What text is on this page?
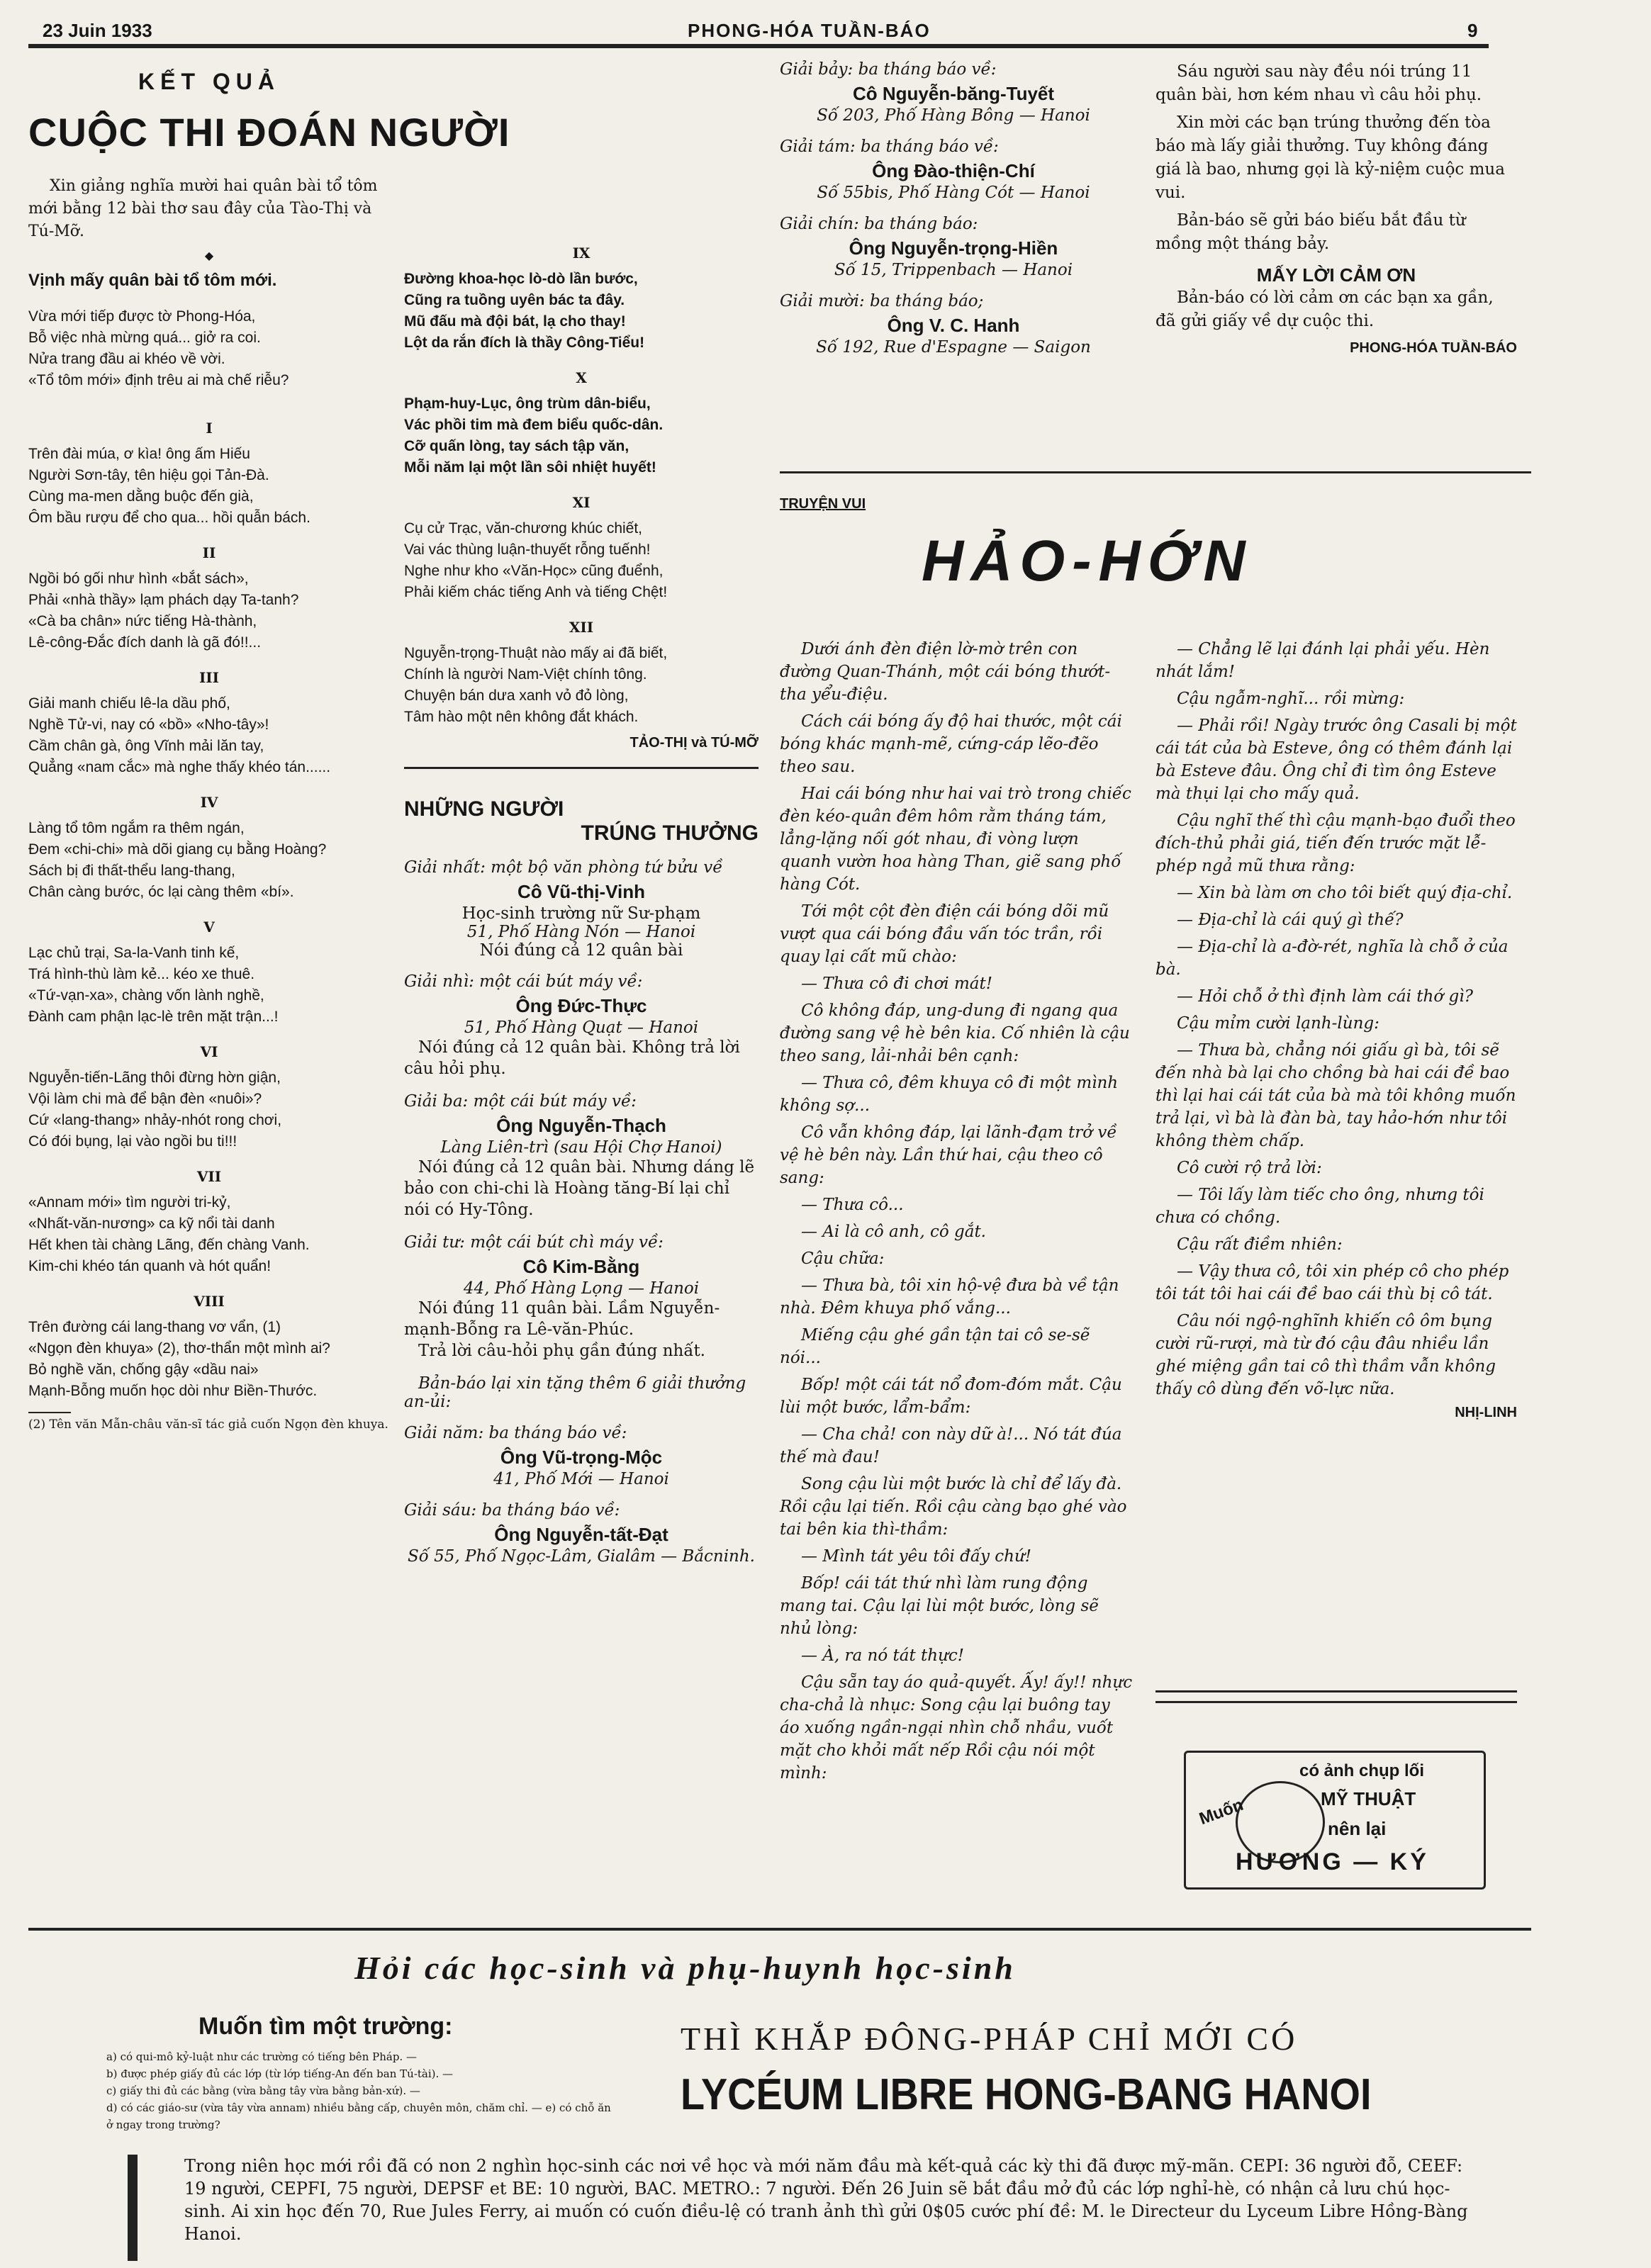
23 Juin 1933	PHONG-HÓA TUẦN-BÁO	9
KẾT QUẢ
CUỘC THI ĐOÁN NGƯỜI
Xin giảng nghĩa mười hai quân bài tổ tôm mới bằng 12 bài thơ sau đây của Tào-Thị và Tú-Mỡ.
◆
Vịnh mấy quân bài tổ tôm mới.
Vừa mới tiếp được tờ Phong-Hóa,
Bỗ việc nhà mừng quá... giở ra coi.
Nửa trang đầu ai khéo về vời.
«Tổ tôm mới» định trêu ai mà chế riễu?
I
Trên đài múa, ơ kìa! ông ấm Hiếu
Người Sơn-tây, tên hiệu gọi Tản-Đà.
Cùng ma-men dằng buộc đến già,
Ôm bầu rượu để cho qua... hồi quẫn bách.
II
Ngồi bó gối như hình «bắt sách»,
Phải «nhà thầy» lạm phách dạy Ta-tanh?
«Cà ba chân» nức tiếng Hà-thành,
Lê-công-Đắc đích danh là gã đó!!...
III
Giải manh chiếu lê-la dầu phố,
Nghề Tử-vi, nay có «bồ» «Nho-tây»!
Cầm chân gà, ông Vĩnh mải lăn tay,
Quẳng «nam cắc» mà nghe thấy khéo tán......
IV
Làng tổ tôm ngắm ra thêm ngán,
Đem «chi-chi» mà dõi giang cụ bằng Hoàng?
Sách bị đi thất-thểu lang-thang,
Chân càng bước, óc lại càng thêm «bí».
V
Lạc chủ trại, Sa-la-Vanh tinh kế,
Trá hình-thù làm kẻ... kéo xe thuê.
«Tứ-vạn-xa», chàng vốn lành nghề,
Đành cam phận lạc-lè trên mặt trận...!
VI
Nguyễn-tiến-Lãng thôi đừng hờn giận,
Vội làm chi mà để bận đèn «nuôi»?
Cứ «lang-thang» nhảy-nhót rong chơi,
Có đói bụng, lại vào ngồi bu ti!!!
VII
«Annam mới» tìm người tri-kỷ,
«Nhất-văn-nương» ca kỹ nổi tài danh
Hết khen tài chàng Lãng, đến chàng Vanh.
Kim-chi khéo tán quanh và hót quẩn!
VIII
Trên đường cái lang-thang vơ vẩn, (1)
«Ngọn đèn khuya» (2), thơ-thẩn một mình ai?
Bỏ nghề văn, chống gậy «dầu nai»
Mạnh-Bỗng muốn học dòi như Biền-Thước.
(2) Tên văn Mẫn-châu văn-sĩ tác giả cuốn Ngọn đèn khuya.
IX
Đường khoa-học lò-dò lần bước,
Cũng ra tuồng uyên bác ta đây.
Mũ đấu mà đội bát, lạ cho thay!
Lột da rắn đích là thầy Công-Tiểu!
X
Phạm-huy-Lục, ông trùm dân-biểu,
Vác phồi tim mà đem biểu quốc-dân.
Cỡ quấn lòng, tay sách tập văn,
Mỗi năm lại một lần sôi nhiệt huyết!
XI
Cụ cử Trạc, văn-chương khúc chiết,
Vai vác thùng luận-thuyết rỗng tuếnh!
Nghe như kho «Văn-Học» cũng đuểnh,
Phải kiếm chác tiếng Anh và tiếng Chệt!
XII
Nguyễn-trọng-Thuật nào mấy ai đã biết,
Chính là người Nam-Việt chính tông.
Chuyện bán dưa xanh vỏ đỏ lòng,
Tâm hào một nên không đắt khách.
TẢO-THỊ và TÚ-MỠ
NHỮNG NGƯỜI
TRÚNG THƯỞNG
Giải nhất: một bộ văn phòng tứ bửu về
Cô Vũ-thị-Vinh
Học-sinh trường nữ Sư-phạm
51, Phố Hàng Nón — Hanoi
Nói đúng cả 12 quân bài
Giải nhì: một cái bút máy về:
Ông Đức-Thực
51, Phố Hàng Quạt — Hanoi
Nói đúng cả 12 quân bài. Không trả lời câu hỏi phụ.
Giải ba: một cái bút máy về:
Ông Nguyễn-Thạch
Làng Liên-trì (sau Hội Chợ Hanoi)
Nói đúng cả 12 quân bài. Nhưng dáng lẽ bảo con chi-chi là Hoàng tăng-Bí lại chỉ nói có Hy-Tông.
Giải tư: một cái bút chì máy về:
Cô Kim-Bằng
44, Phố Hàng Lọng — Hanoi
Nói đúng 11 quân bài. Lầm Nguyễn-mạnh-Bỗng ra Lê-văn-Phúc.
Trả lời câu-hỏi phụ gần đúng nhất.
Bản-báo lại xin tặng thêm 6 giải thưởng an-ủi:
Giải năm: ba tháng báo về:
Ông Vũ-trọng-Mộc
41, Phố Mới — Hanoi
Giải sáu: ba tháng báo về:
Ông Nguyễn-tất-Đạt
Số 55, Phố Ngọc-Lâm, Gialâm — Bắcninh.
Giải bảy: ba tháng báo về:
Cô Nguyễn-băng-Tuyết
Số 203, Phố Hàng Bông — Hanoi
Giải tám: ba tháng báo về:
Ông Đào-thiện-Chí
Số 55bis, Phố Hàng Cót — Hanoi
Giải chín: ba tháng báo:
Ông Nguyễn-trọng-Hiền
Số 15, Trippenbach — Hanoi
Giải mười: ba tháng báo;
Ông V. C. Hanh
Số 192, Rue d'Espagne — Saigon
Sáu người sau này đều nói trúng 11 quân bài, hơn kém nhau vì câu hỏi phụ.
Xin mời các bạn trúng thưởng đến tòa báo mà lấy giải thưởng. Tuy không đáng giá là bao, nhưng gọi là kỷ-niệm cuộc mua vui.
Bản-báo sẽ gửi báo biếu bắt đầu từ mồng một tháng bảy.
MẤY LỜI CẢM ƠN
Bản-báo có lời cảm ơn các bạn xa gần, đã gửi giấy về dự cuộc thi.
PHONG-HÓA TUẦN-BÁO
TRUYỆN VUI
HẢO-HỚN

Dưới ánh đèn điện lờ-mờ trên con đường Quan-Thánh, một cái bóng thướt-tha yểu-điệu.

Cách cái bóng ấy độ hai thước, một cái bóng khác mạnh-mẽ, cứng-cáp lẽo-đẽo theo sau.

Hai cái bóng như hai vai trò trong chiếc đèn kéo-quân đêm hôm rằm tháng tám, lẳng-lặng nối gót nhau, đi vòng lượn quanh vườn hoa hàng Than, giẽ sang phố hàng Cót.

Tới một cột đèn điện cái bóng dõi mũ vượt qua cái bóng đầu vấn tóc trần, rồi quay lại cất mũ chào:

— Thưa cô đi chơi mát!

Cô không đáp, ung-dung đi ngang qua đường sang vệ hè bên kia. Cố nhiên là cậu theo sang, lải-nhải bên cạnh:

— Thưa cô, đêm khuya cô đi một mình không sợ...

Cô vẫn không đáp, lại lãnh-đạm trở về vệ hè bên này. Lần thứ hai, cậu theo cô sang:

— Thưa cô...

— Ai là cô anh, cô gắt.

Cậu chữa:

— Thưa bà, tôi xin hộ-vệ đưa bà về tận nhà. Đêm khuya phố vắng...

Miếng cậu ghé gần tận tai cô se-sẽ nói...

Bốp! một cái tát nổ đom-đóm mắt. Cậu lùi một bước, lẩm-bẩm:

— Cha chả! con này dữ à!... Nó tát đúa thế mà đau!

Song cậu lùi một bước là chỉ để lấy đà. Rồi cậu lại tiến. Rồi cậu càng bạo ghé vào tai bên kia thì-thầm:

— Mình tát yêu tôi đấy chứ!

Bốp! cái tát thứ nhì làm rung động mang tai. Cậu lại lùi một bước, lòng sẽ nhủ lòng:

— À, ra nó tát thực!

Cậu sẵn tay áo quả-quyết. Ấy! ấy!! nhực cha-chả là nhục: Song cậu lại buông tay áo xuống ngần-ngại nhìn chỗ nhầu, vuốt mặt cho khỏi mất nếp Rồi cậu nói một mình:

— Chẳng lẽ lại đánh lại phải yếu. Hèn nhát lắm!

Cậu ngẫm-nghĩ... rồi mừng:

— Phải rồi! Ngày trước ông Casali bị một cái tát của bà Esteve, ông có thêm đánh lại bà Esteve đâu. Ông chỉ đi tìm ông Esteve mà thụi lại cho mấy quả.

Cậu nghĩ thế thì cậu mạnh-bạo đuổi theo đích-thủ phải giá, tiến đến trước mặt lễ-phép ngả mũ thưa rằng:

— Xin bà làm ơn cho tôi biết quý địa-chỉ.

— Địa-chỉ là cái quý gì thế?

— Địa-chỉ là a-đờ-rét, nghĩa là chỗ ở của bà.

— Hỏi chỗ ở thì định làm cái thớ gì?

Cậu mỉm cười lạnh-lùng:

— Thưa bà, chẳng nói giấu gì bà, tôi sẽ đến nhà bà lại cho chồng bà hai cái đề bao thì lại hai cái tát của bà mà tôi không muốn trả lại, vì bà là đàn bà, tay hảo-hớn như tôi không thèm chấp.

Cô cười rộ trả lời:

— Tôi lấy làm tiếc cho ông, nhưng tôi chưa có chồng.

Cậu rất điềm nhiên:

— Vậy thưa cô, tôi xin phép cô cho phép tôi tát tôi hai cái đề bao cái thù bị cô tát.

Câu nói ngộ-nghĩnh khiến cô ôm bụng cười rũ-rượi, mà từ đó cậu đâu nhiều lần ghé miệng gần tai cô thì thầm vẫn không thấy cô dùng đến võ-lực nữa.

NHỊ-LINH
Muốn
có ảnh chụp lối
MỸ THUẬT
nên lại
HƯƠNG — KÝ
Hỏi các học-sinh và phụ-huynh học-sinh
Muốn tìm một trường:
a) có qui-mô kỷ-luật như các trường có tiếng bên Pháp. —
b) được phép giấy đủ các lớp (từ lớp tiếng-An đến ban Tú-tài). —
c) giấy thi đủ các bằng (vừa bằng tây vừa bằng bản-xứ). —
d) có các giáo-sư (vừa tây vừa annam) nhiều bằng cấp, chuyên môn, chăm chỉ. — e) có chỗ ăn ở ngay trong trường?
THÌ KHẮP ĐÔNG-PHÁP CHỈ MỚI CÓ
LYCÉUM LIBRE HONG-BANG HANOI
Trong niên học mới rồi đã có non 2 nghìn học-sinh các nơi về học và mới năm đầu mà kết-quả các kỳ thi đã được mỹ-mãn. CEPI: 36 người đỗ, CEEF: 19 người, CEPFI, 75 người, DEPSF et BE: 10 người, BAC. METRO.: 7 người. Đến 26 Juin sẽ bắt đầu mở đủ các lớp nghỉ-hè, có nhận cả lưu chú học-sinh. Ai xin học đến 70, Rue Jules Ferry, ai muốn có cuốn điều-lệ có tranh ảnh thì gửi 0$05 cước phí đề: M. le Directeur du Lyceum Libre Hồng-Bàng Hanoi.
